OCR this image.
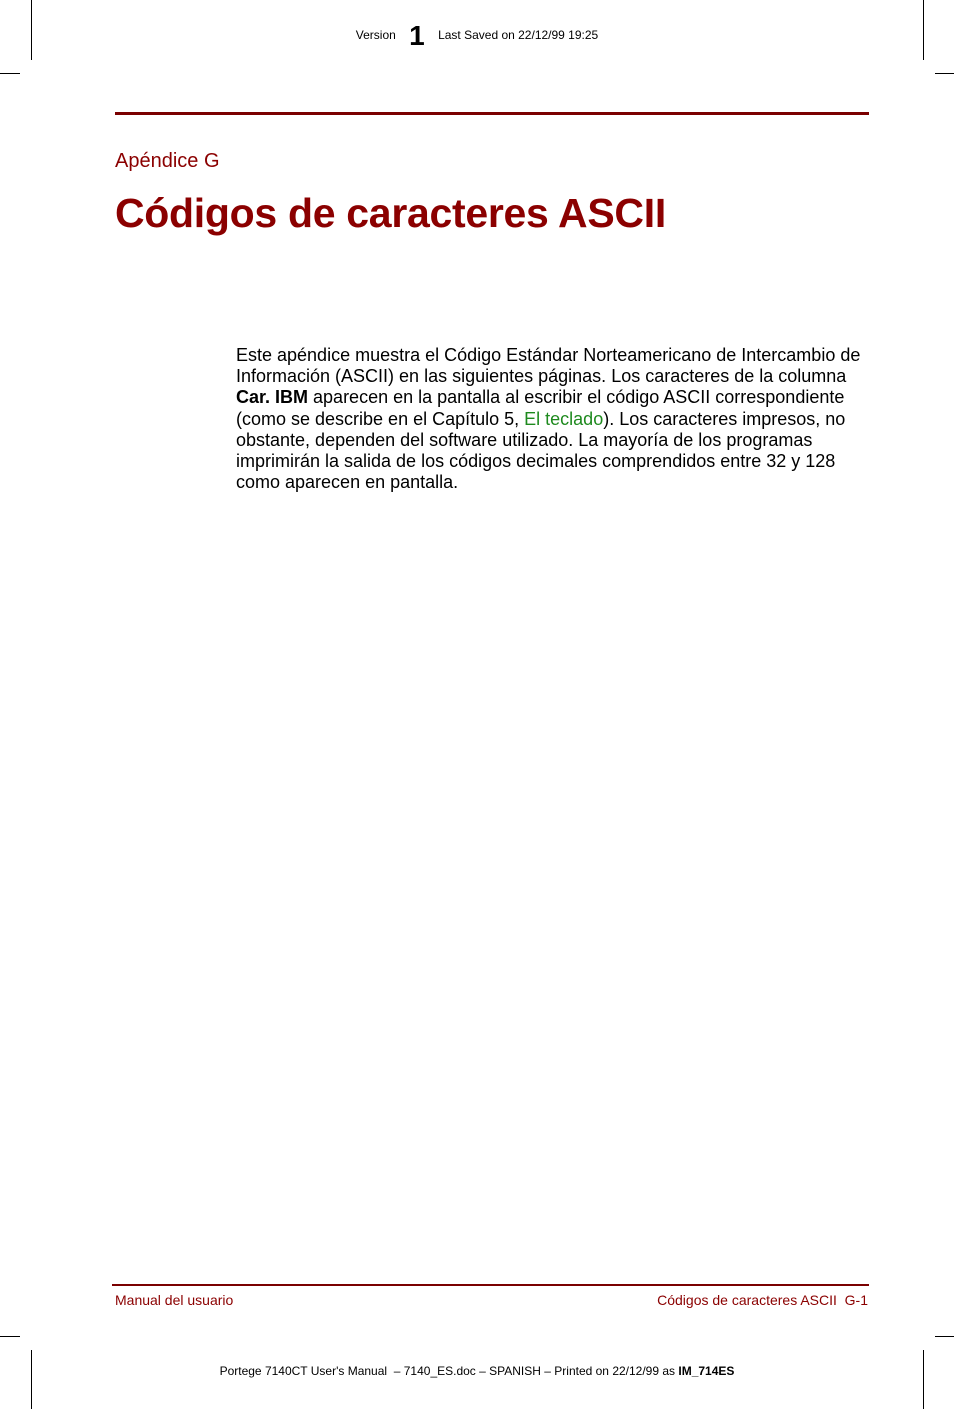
Version 1 Last Saved on 22/12/99 19:25
Apéndice G
Códigos de caracteres ASCII

Este apéndice muestra el Código Estándar Norteamericano de Intercambio de Información (ASCII) en las siguientes páginas. Los caracteres de la columna Car. IBM aparecen en la pantalla al escribir el código ASCII correspondiente (como se describe en el Capítulo 5, El teclado). Los caracteres impresos, no obstante, dependen del software utilizado. La mayoría de los programas imprimirán la salida de los códigos decimales comprendidos entre 32 y 128 como aparecen en pantalla.

Manual del usuario	Códigos de caracteres ASCII  G-1
Portege 7140CT User's Manual  – 7140_ES.doc – SPANISH – Printed on 22/12/99 as IM_714ES
